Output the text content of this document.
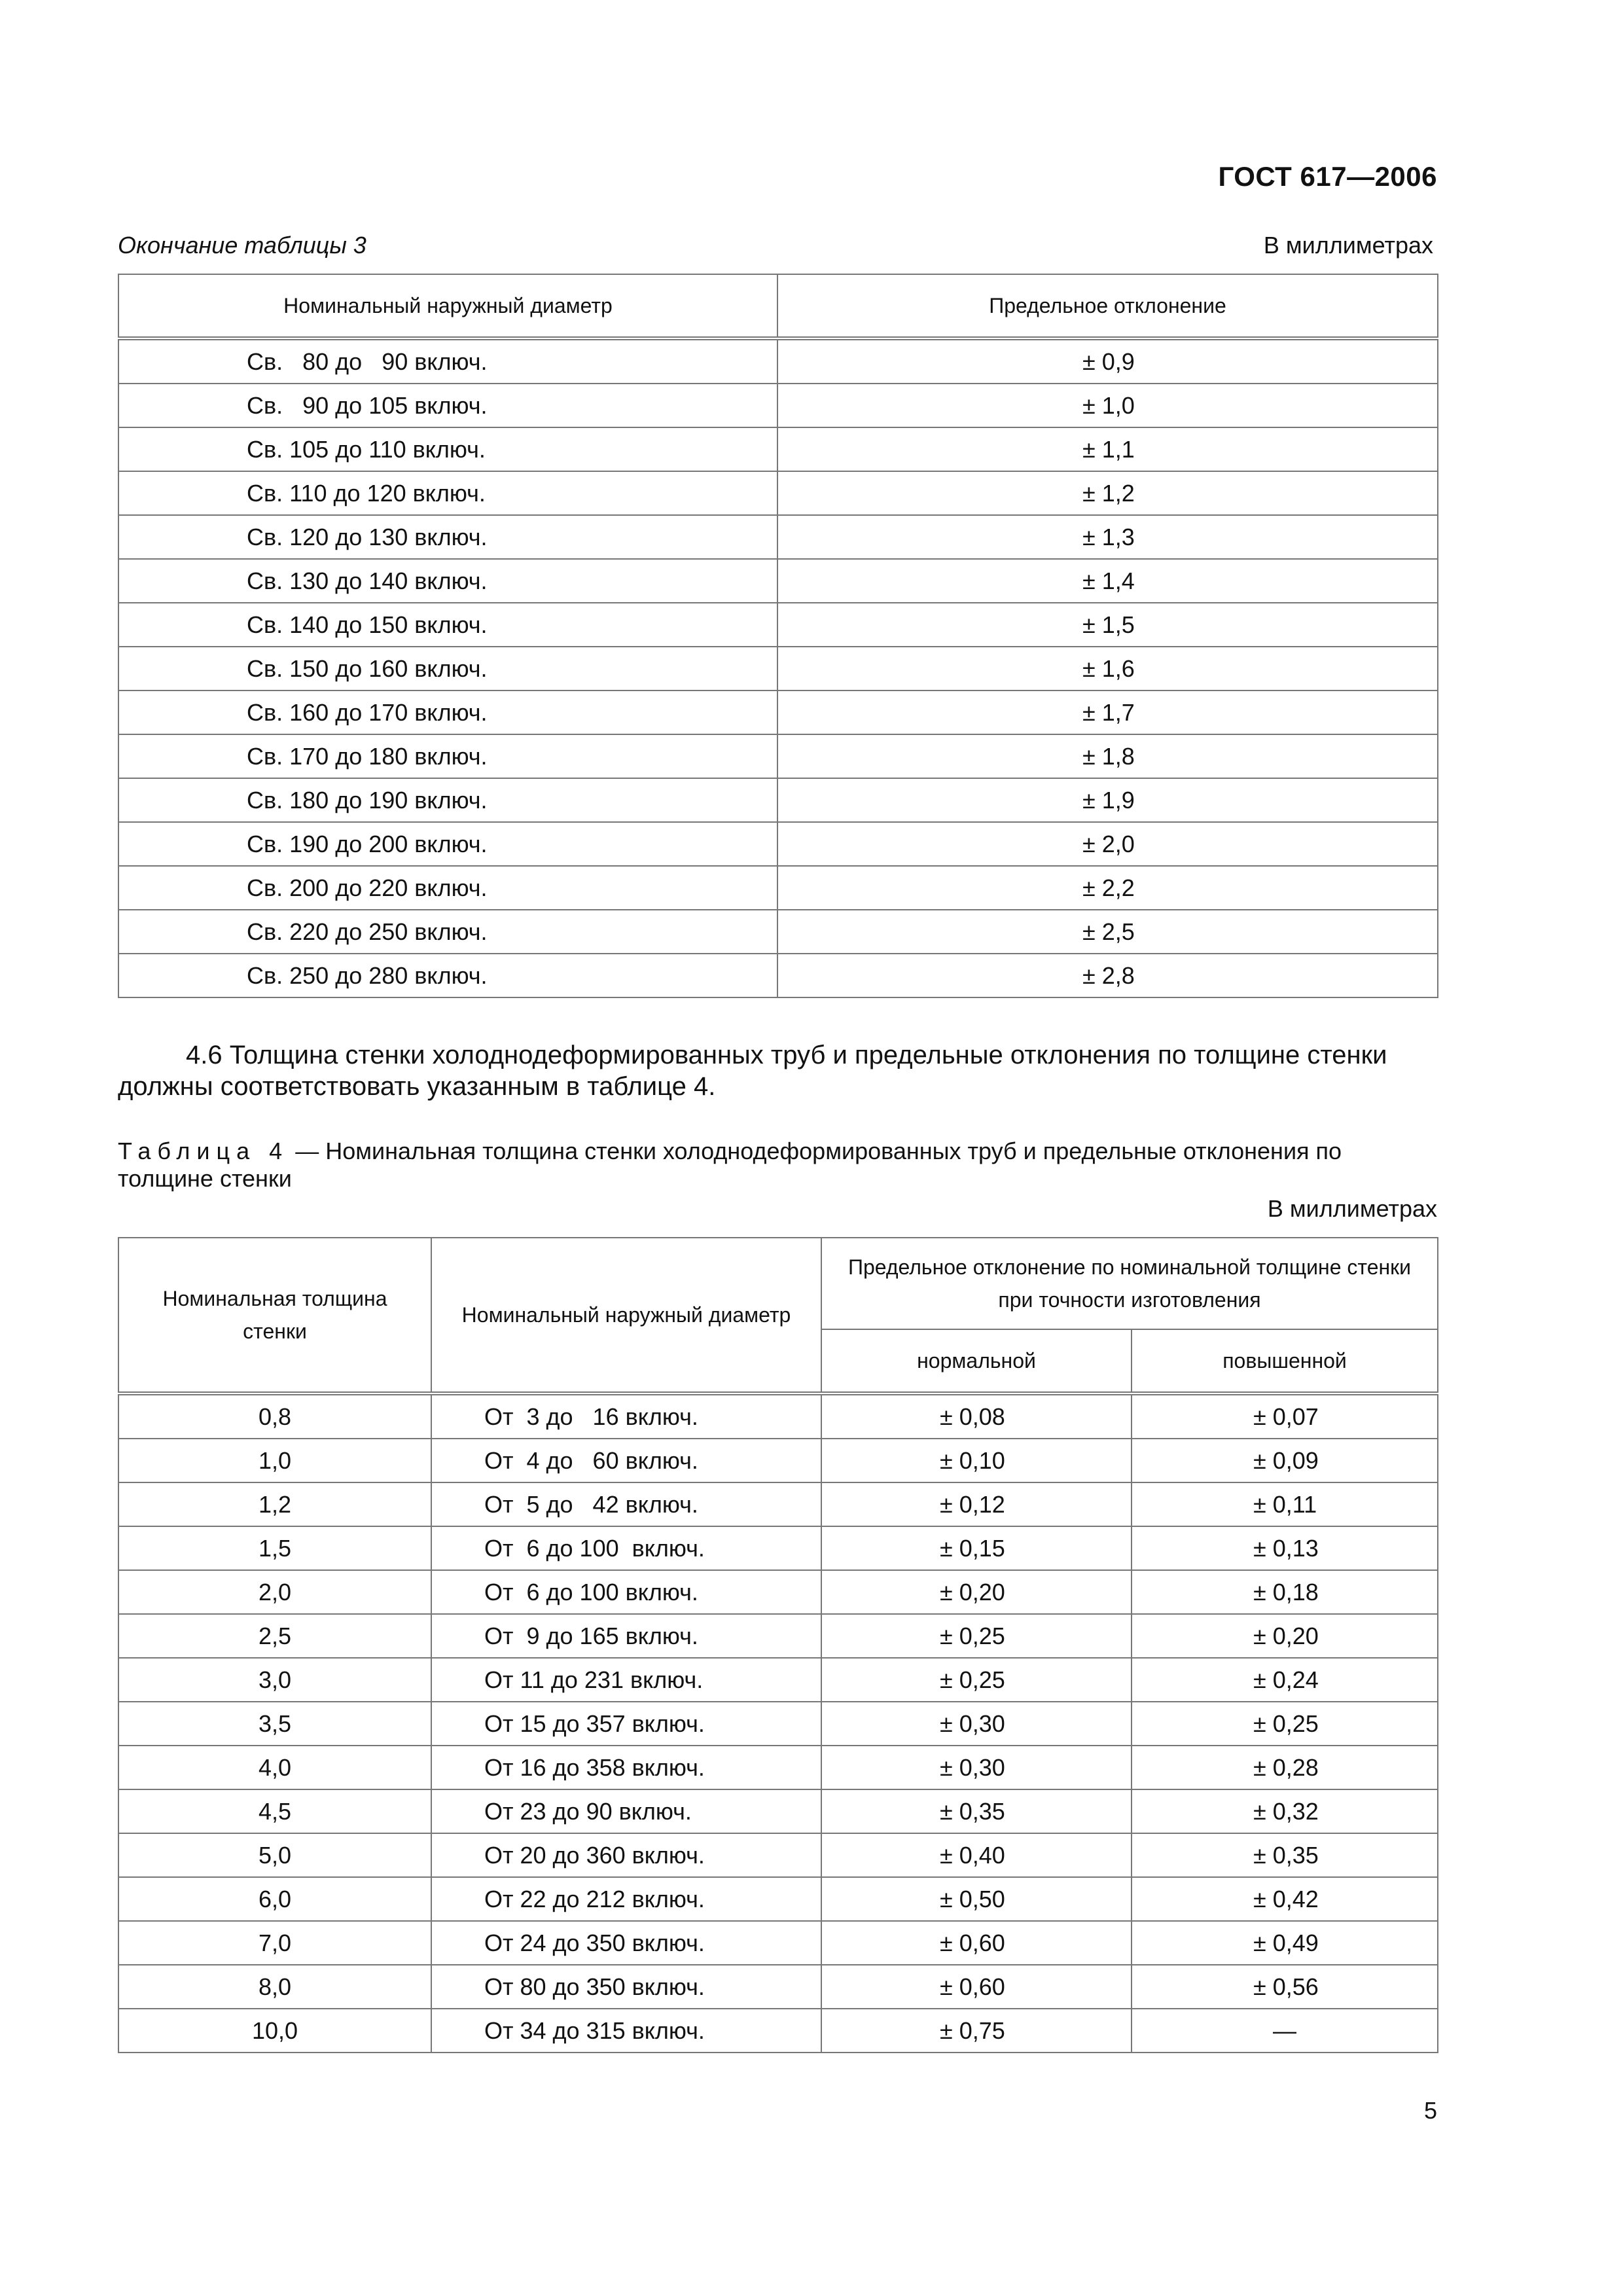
ГОСТ 617—2006
Окончание таблицы 3	В миллиметрах
Номинальный наружный диаметр	Предельное отклонение
Св.   80 до   90 включ.	± 0,9
Св.   90 до 105 включ.	± 1,0
Св. 105 до 110 включ.	± 1,1
Св. 110 до 120 включ.	± 1,2
Св. 120 до 130 включ.	± 1,3
Св. 130 до 140 включ.	± 1,4
Св. 140 до 150 включ.	± 1,5
Св. 150 до 160 включ.	± 1,6
Св. 160 до 170 включ.	± 1,7
Св. 170 до 180 включ.	± 1,8
Св. 180 до 190 включ.	± 1,9
Св. 190 до 200 включ.	± 2,0
Св. 200 до 220 включ.	± 2,2
Св. 220 до 250 включ.	± 2,5
Св. 250 до 280 включ.	± 2,8
4.6 Толщина стенки холоднодеформированных труб и предельные отклонения по толщине стенки должны соответствовать указанным в таблице 4.
Таблица 4 — Номинальная толщина стенки холоднодеформированных труб и предельные отклонения по толщине стенки
В миллиметрах
Номинальная толщина стенки	Номинальный наружный диаметр	Предельное отклонение по номинальной толщине стенки при точности изготовления	
		нормальной	повышенной
0,8	От  3 до   16 включ.	± 0,08	± 0,07
1,0	От  4 до   60 включ.	± 0,10	± 0,09
1,2	От  5 до   42 включ.	± 0,12	± 0,11
1,5	От  6 до 100  включ.	± 0,15	± 0,13
2,0	От  6 до 100 включ.	± 0,20	± 0,18
2,5	От  9 до 165 включ.	± 0,25	± 0,20
3,0	От 11 до 231 включ.	± 0,25	± 0,24
3,5	От 15 до 357 включ.	± 0,30	± 0,25
4,0	От 16 до 358 включ.	± 0,30	± 0,28
4,5	От 23 до 90 включ.	± 0,35	± 0,32
5,0	От 20 до 360 включ.	± 0,40	± 0,35
6,0	От 22 до 212 включ.	± 0,50	± 0,42
7,0	От 24 до 350 включ.	± 0,60	± 0,49
8,0	От 80 до 350 включ.	± 0,60	± 0,56
10,0	От 34 до 315 включ.	± 0,75	—
5
